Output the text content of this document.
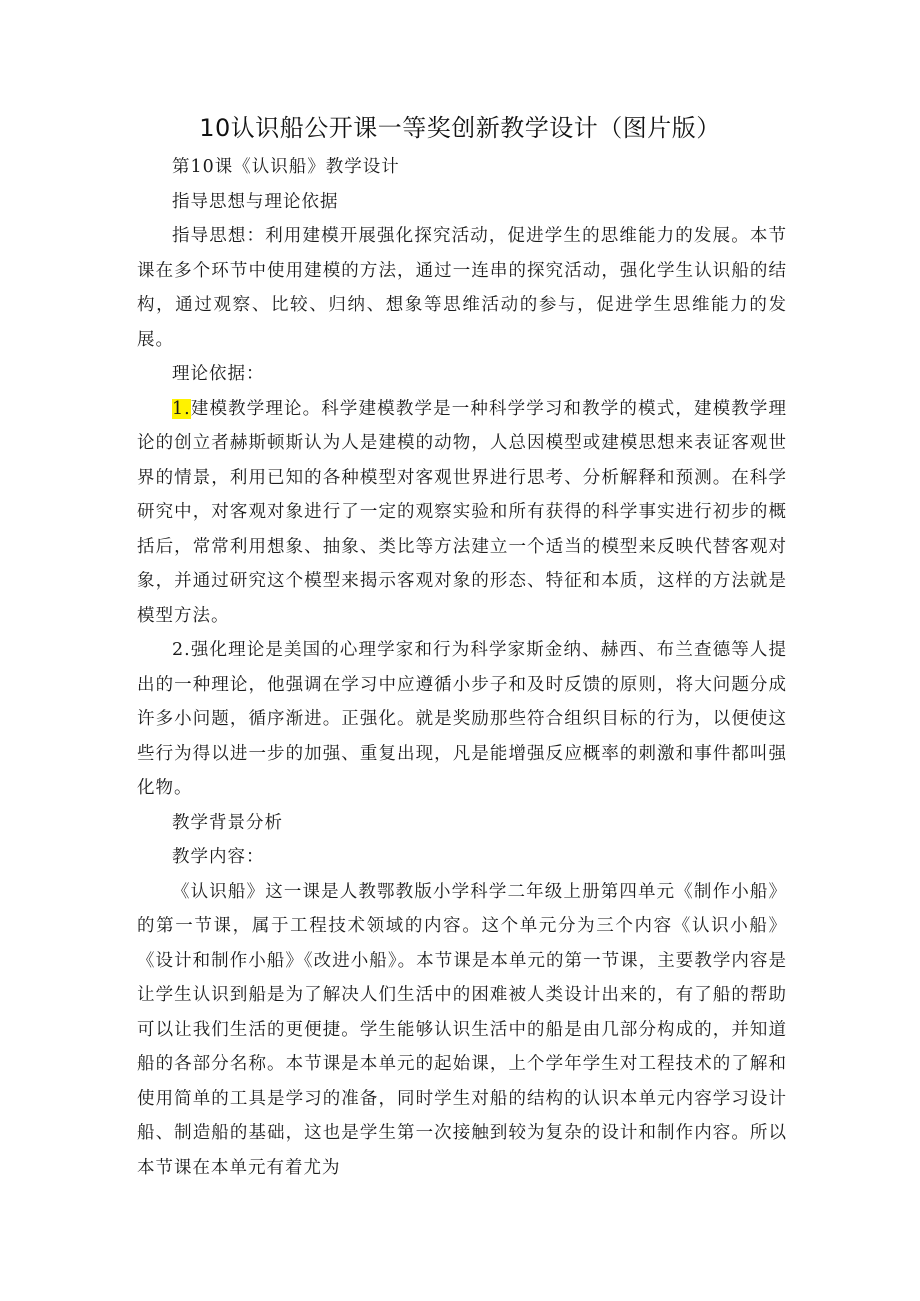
10认识船公开课一等奖创新教学设计（图片版）

第10课《认识船》教学设计

指导思想与理论依据

指导思想：利用建模开展强化探究活动，促进学生的思维能力的发展。本节课在多个环节中使用建模的方法，通过一连串的探究活动，强化学生认识船的结构，通过观察、比较、归纳、想象等思维活动的参与，促进学生思维能力的发展。

理论依据：

1.建模教学理论。科学建模教学是一种科学学习和教学的模式，建模教学理论的创立者赫斯顿斯认为人是建模的动物，人总因模型或建模思想来表证客观世界的情景，利用已知的各种模型对客观世界进行思考、分析解释和预测。在科学研究中，对客观对象进行了一定的观察实验和所有获得的科学事实进行初步的概括后，常常利用想象、抽象、类比等方法建立一个适当的模型来反映代替客观对象，并通过研究这个模型来揭示客观对象的形态、特征和本质，这样的方法就是模型方法。

2.强化理论是美国的心理学家和行为科学家斯金纳、赫西、布兰查德等人提出的一种理论，他强调在学习中应遵循小步子和及时反馈的原则，将大问题分成许多小问题，循序渐进。正强化。就是奖励那些符合组织目标的行为，以便使这些行为得以进一步的加强、重复出现，凡是能增强反应概率的刺激和事件都叫强化物。

教学背景分析

教学内容：

《认识船》这一课是人教鄂教版小学科学二年级上册第四单元《制作小船》的第一节课，属于工程技术领域的内容。这个单元分为三个内容《认识小船》《设计和制作小船》《改进小船》。本节课是本单元的第一节课，主要教学内容是让学生认识到船是为了解决人们生活中的困难被人类设计出来的，有了船的帮助可以让我们生活的更便捷。学生能够认识生活中的船是由几部分构成的，并知道船的各部分名称。本节课是本单元的起始课，上个学年学生对工程技术的了解和使用简单的工具是学习的准备，同时学生对船的结构的认识本单元内容学习设计船、制造船的基础，这也是学生第一次接触到较为复杂的设计和制作内容。所以本节课在本单元有着尤为
